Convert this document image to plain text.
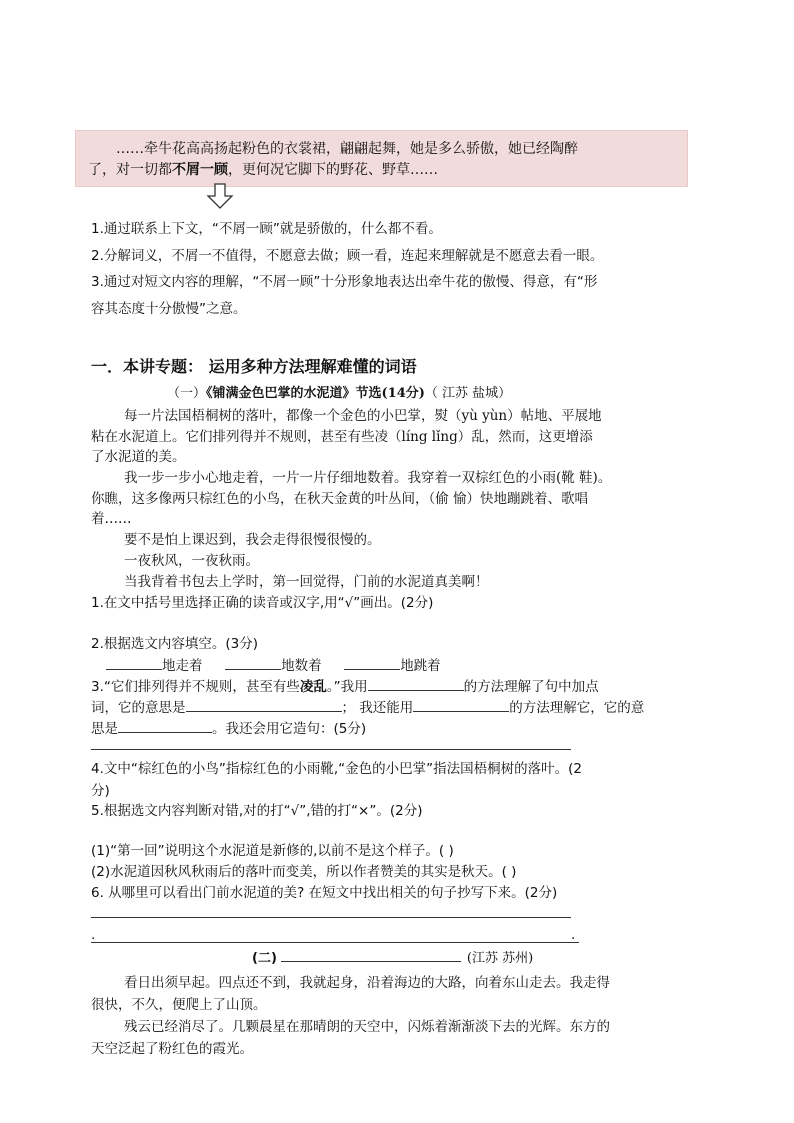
……牵牛花高高扬起粉色的衣裳裙，翩翩起舞，她是多么骄傲，她已经陶醉
了，对一切都不屑一顾，更何况它脚下的野花、野草……
1.通过联系上下文，“不屑一顾”就是骄傲的，什么都不看。
2.分解词义，不屑一不值得，不愿意去做；顾一看，连起来理解就是不愿意去看一眼。
3.通过对短文内容的理解，“不屑一顾”十分形象地表达出牵牛花的傲慢、得意，有“形
容其态度十分傲慢”之意。
一．本讲专题： 运用多种方法理解难懂的词语
（一）《铺满金色巴掌的水泥道》节选(14分)（ 江苏 盐城）
每一片法国梧桐树的落叶，都像一个金色的小巴掌，熨（yù yùn）帖地、平展地
粘在水泥道上。它们排列得并不规则，甚至有些凌（líng lǐng）乱，然而，这更增添
了水泥道的美。
我一步一步小心地走着，一片一片仔细地数着。我穿着一双棕红色的小雨(靴 鞋)。
你瞧，这多像两只棕红色的小鸟，在秋天金黄的叶丛间，（偷 愉）快地蹦跳着、歌唱
着……
要不是怕上课迟到，我会走得很慢很慢的。
一夜秋风，一夜秋雨。
当我背着书包去上学时，第一回觉得，门前的水泥道真美啊！
1.在文中括号里选择正确的读音或汉字,用“√”画出。(2分)
2.根据选文内容填空。(3分)
地走着	地数着	地跳着
3.“它们排列得并不规则，甚至有些凌乱。”我用	的方法理解了句中加点
词，它的意思是	； 我还能用	的方法理解它，它的意
思是	。我还会用它造句：(5分)
4.文中“棕红色的小鸟”指棕红色的小雨靴,“金色的小巴掌”指法国梧桐树的落叶。(2
分)
5.根据选文内容判断对错,对的打“√”,错的打“×”。(2分)
(1)“第一回”说明这个水泥道是新修的,以前不是这个样子。( )
(2)水泥道因秋风秋雨后的落叶而变美，所以作者赞美的其实是秋天。( )
6. 从哪里可以看出门前水泥道的美? 在短文中找出相关的句子抄写下来。(2分)
.	.
(二)	(江苏 苏州)
看日出须早起。四点还不到，我就起身，沿着海边的大路，向着东山走去。我走得
很快，不久，便爬上了山顶。
残云已经消尽了。几颗晨星在那晴朗的天空中，闪烁着渐渐淡下去的光辉。东方的
天空泛起了粉红色的霞光。
